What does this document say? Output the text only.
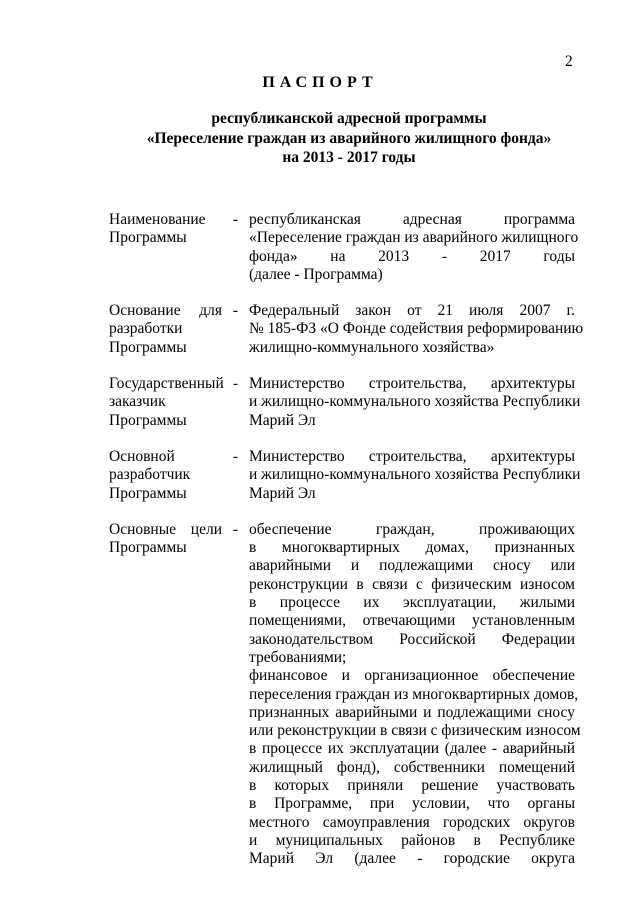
2
ПАСПОРТ
республиканской адресной программы
«Переселение граждан из аварийного жилищного фонда»
на 2013 - 2017 годы
Наименование
Программы
- республиканская адресная программа
«Переселение граждан из аварийного жилищного
фонда» на 2013 - 2017 годы
(далее - Программа)
Основание для
разработки
Программы
- Федеральный закон от 21 июля 2007 г.
№ 185-ФЗ «О Фонде содействия реформированию
жилищно-коммунального хозяйства»
Государственный
заказчик
Программы
- Министерство строительства, архитектуры
и жилищно-коммунального хозяйства Республики
Марий Эл
Основной
разработчик
Программы
- Министерство строительства, архитектуры
и жилищно-коммунального хозяйства Республики
Марий Эл
Основные цели
Программы
- обеспечение граждан, проживающих
в многоквартирных домах, признанных
аварийными и подлежащими сносу или
реконструкции в связи с физическим износом
в процессе их эксплуатации, жилыми
помещениями, отвечающими установленным
законодательством Российской Федерации
требованиями;
финансовое и организационное обеспечение
переселения граждан из многоквартирных домов,
признанных аварийными и подлежащими сносу
или реконструкции в связи с физическим износом
в процессе их эксплуатации (далее - аварийный
жилищный фонд), собственники помещений
в которых приняли решение участвовать
в Программе, при условии, что органы
местного самоуправления городских округов
и муниципальных районов в Республике
Марий Эл (далее - городские округа
